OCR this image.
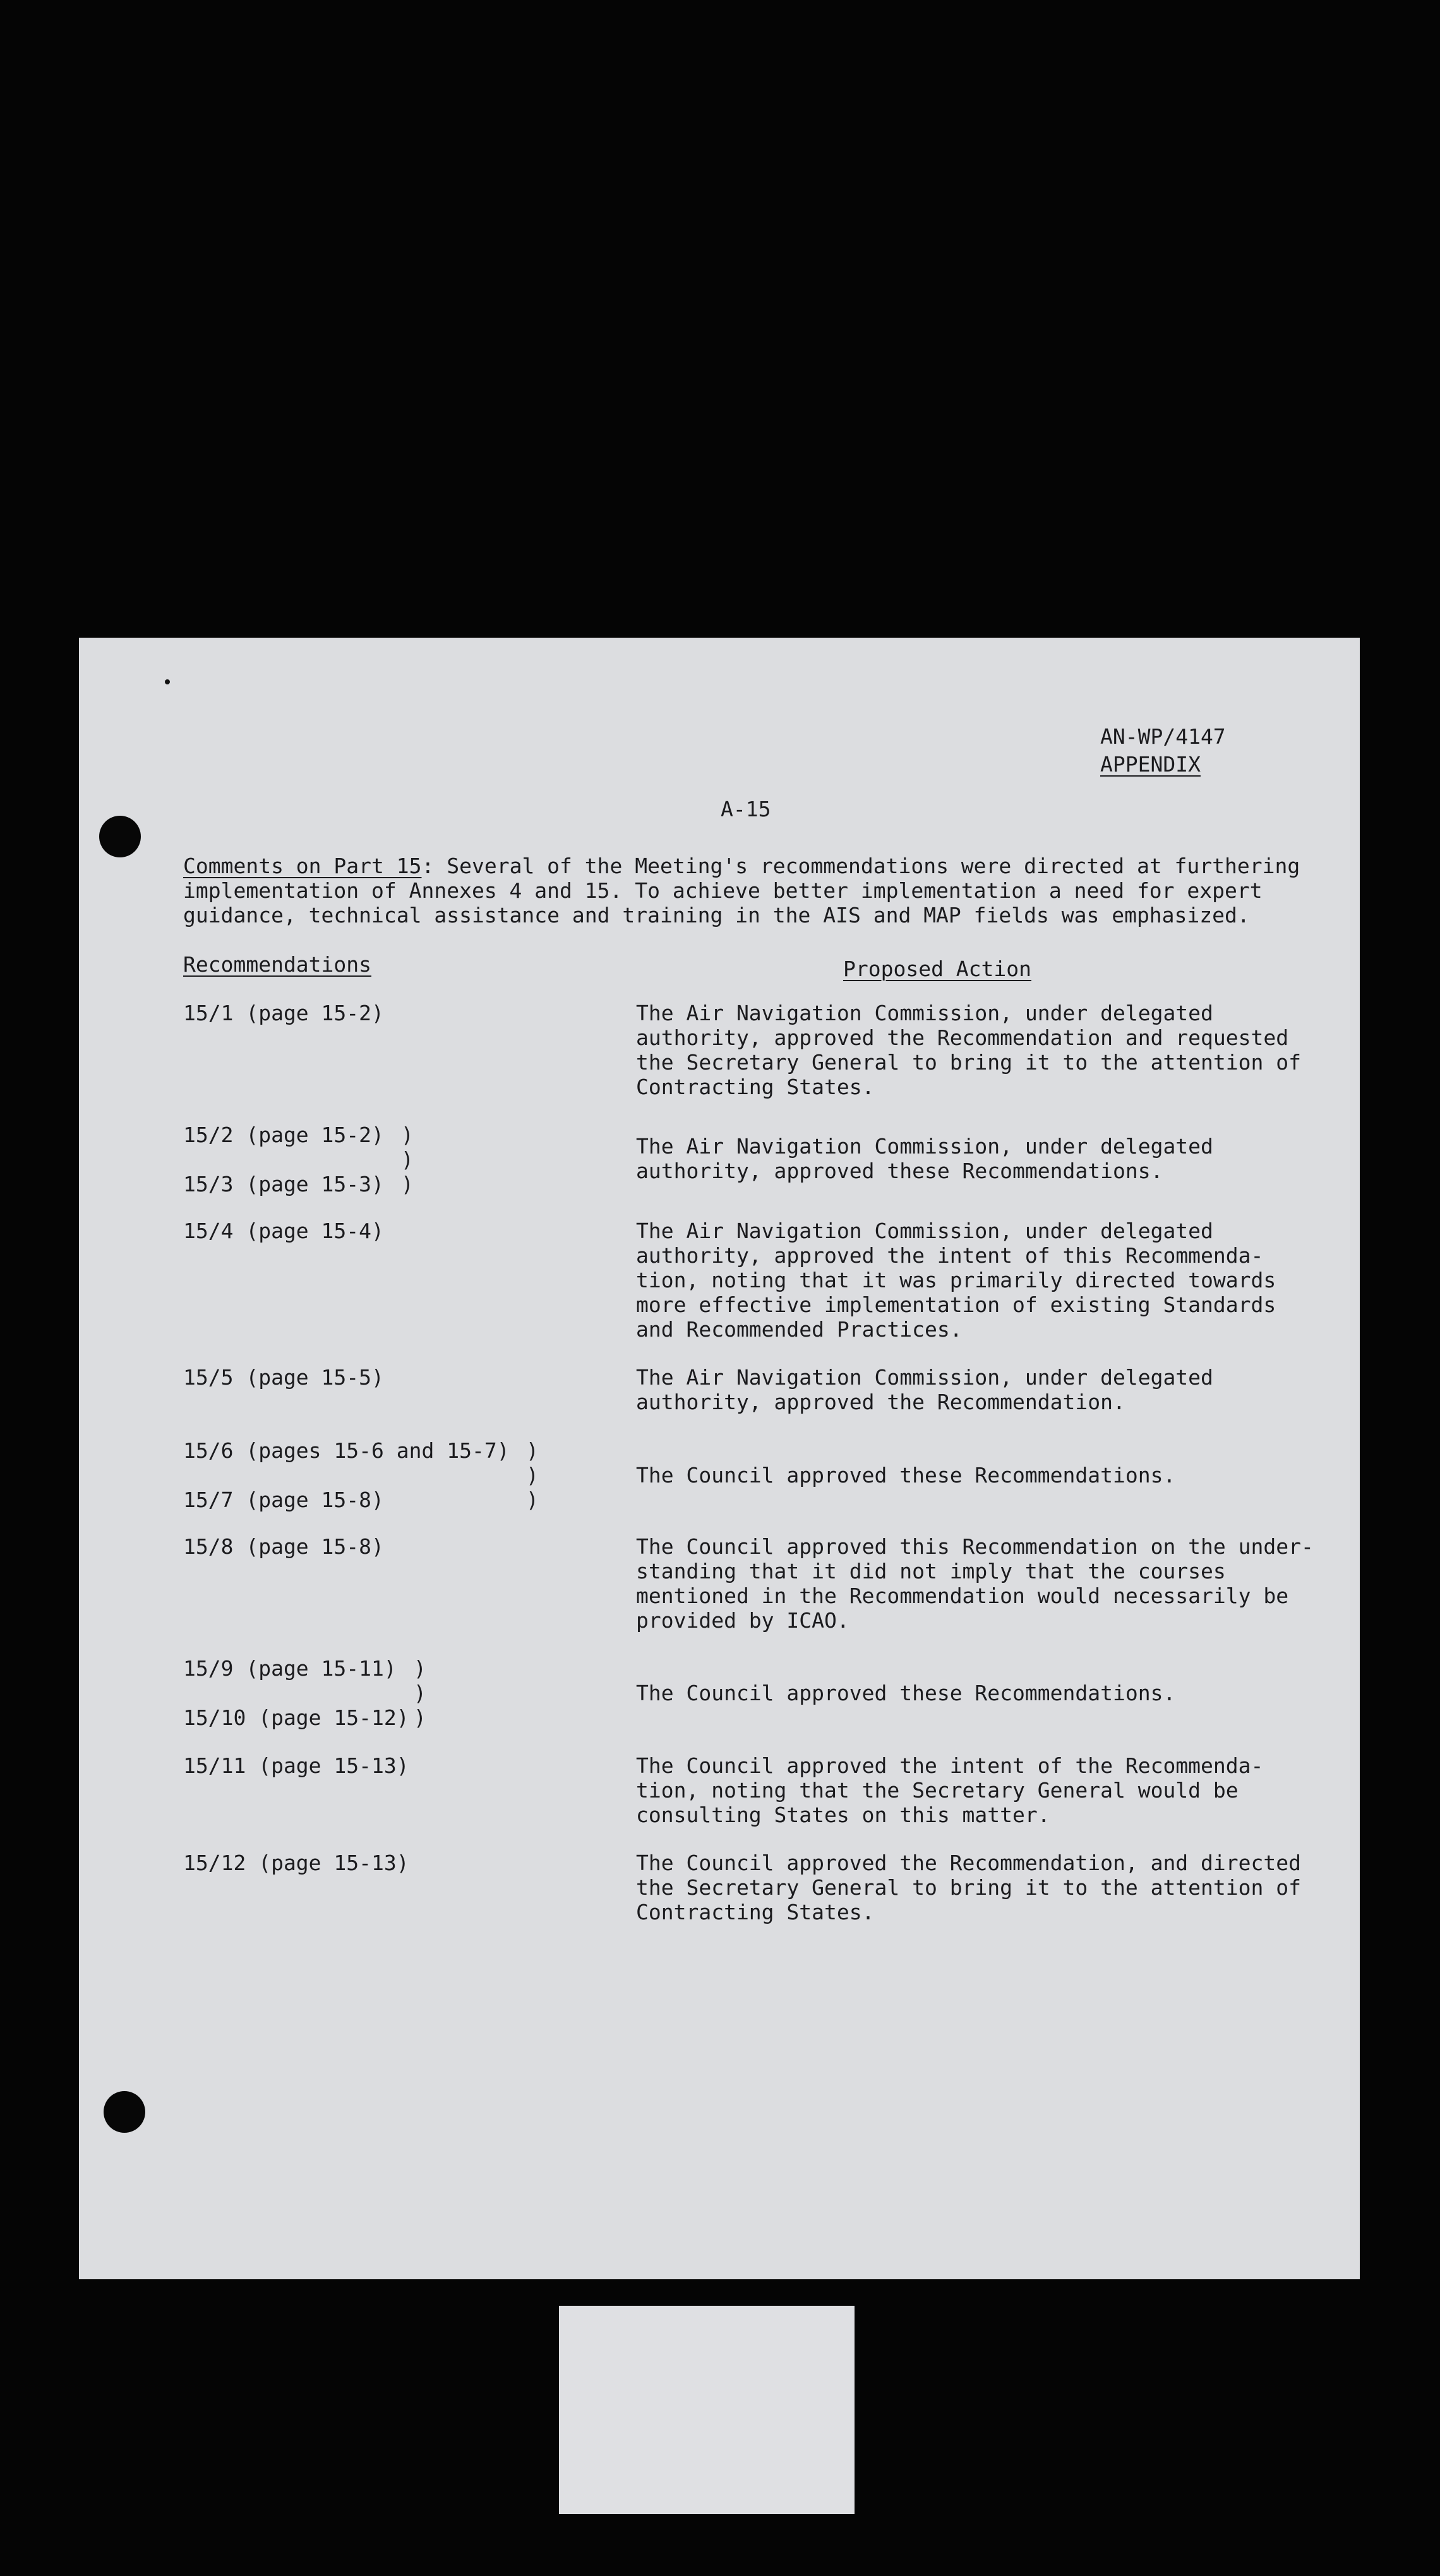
AN-WP/4147
APPENDIX
A-15
Comments on Part 15: Several of the Meeting's recommendations were directed at furthering
implementation of Annexes 4 and 15. To achieve better implementation a need for expert
guidance, technical assistance and training in the AIS and MAP fields was emphasized.
Recommendations	Proposed Action
15/1 (page 15-2)	The Air Navigation Commission, under delegated
authority, approved the Recommendation and requested
the Secretary General to bring it to the attention of
Contracting States.
15/2 (page 15-2) )
)
15/3 (page 15-3) )
The Air Navigation Commission, under delegated
authority, approved these Recommendations.
15/4 (page 15-4)	The Air Navigation Commission, under delegated
authority, approved the intent of this Recommenda-
tion, noting that it was primarily directed towards
more effective implementation of existing Standards
and Recommended Practices.
15/5 (page 15-5)	The Air Navigation Commission, under delegated
authority, approved the Recommendation.
15/6 (pages 15-6 and 15-7) )
)
15/7 (page 15-8)	)
The Council approved these Recommendations.
15/8 (page 15-8)	The Council approved this Recommendation on the under-
standing that it did not imply that the courses
mentioned in the Recommendation would necessarily be
provided by ICAO.
15/9 (page 15-11) )
)
15/10 (page 15-12) )
The Council approved these Recommendations.
15/11 (page 15-13)	The Council approved the intent of the Recommenda-
tion, noting that the Secretary General would be
consulting States on this matter.
15/12 (page 15-13)	The Council approved the Recommendation, and directed
the Secretary General to bring it to the attention of
Contracting States.
